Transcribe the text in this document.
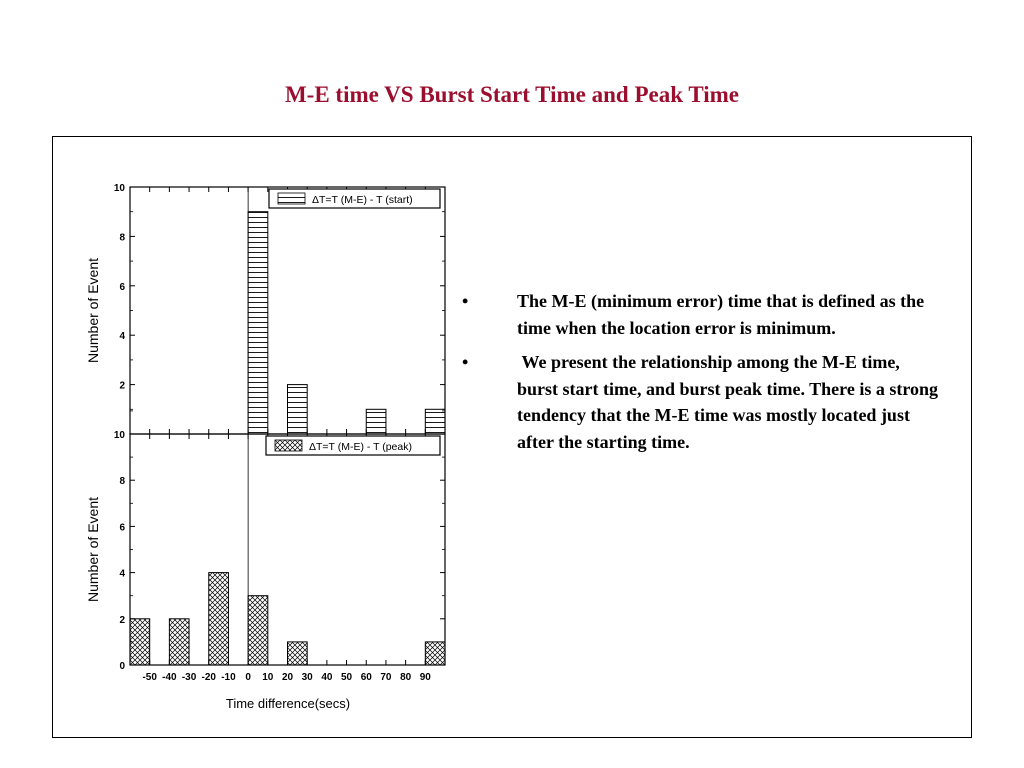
M-E time VS Burst Start Time and Peak Time
2
4
6
8
10
Number of Event
ΔT=T (M-E) - T (start)
0
2
4
6
8
10
Number of Event
ΔT=T (M-E) - T (peak)
-50 -40 -30 -20 -10 0 10 20 30 40 50 60 70 80 90
Time difference(secs)
•	The M-E (minimum error) time that is defined as the time when the location error is minimum.
•	We present the relationship among the M-E time, burst start time, and burst peak time. There is a strong tendency that the M-E time was mostly located just after the starting time.
